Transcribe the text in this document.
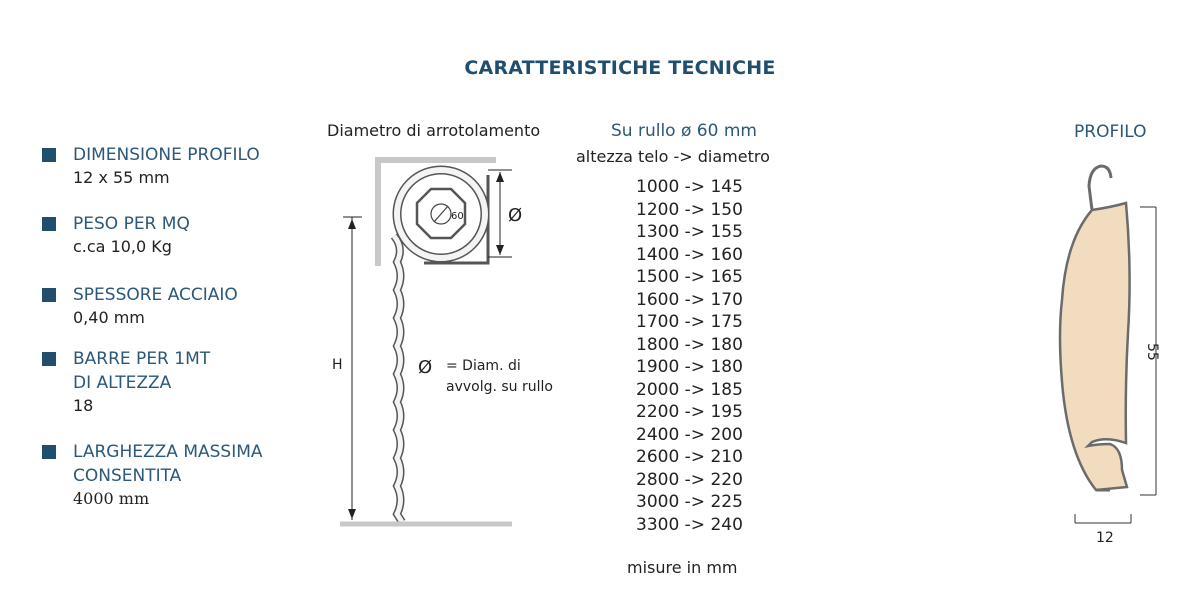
CARATTERISTICHE TECNICHE
DIMENSIONE PROFILO
12 x 55 mm
PESO PER MQ
c.ca 10,0 Kg
SPESSORE ACCIAIO
0,40 mm
BARRE PER 1MT
DI ALTEZZA
18
LARGHEZZA MASSIMA
CONSENTITA
4000 mm
60 Ø
Ø
Diametro di arrotolamento
H	= Diam. di
avvolg. su rullo
Su rullo ø 60 mm
altezza telo -> diametro
1000 -> 145
1200 -> 150
1300 -> 155
1400 -> 160
1500 -> 165
1600 -> 170
1700 -> 175
1800 -> 180
1900 -> 180
2000 -> 185
2200 -> 195
2400 -> 200
2600 -> 210
2800 -> 220
3000 -> 225
3300 -> 240
misure in mm
PROFILO
55
12
